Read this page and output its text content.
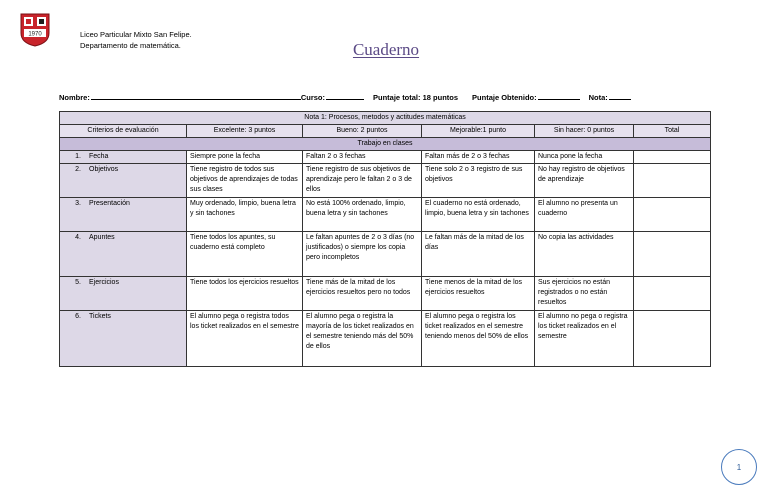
1970	Liceo Particular Mixto San Felipe.
Departamento de matemática.	Cuaderno
Nombre:	Curso:	Puntaje total: 18 puntos Puntaje Obtenido:	Nota:
Nota 1: Procesos, metodos y actitudes matemáticas					
Criterios de evaluación	Excelente: 3 puntos	Bueno: 2 puntos	Mejorable:1 punto	Sin hacer: 0 puntos	Total
Trabajo en clases					
1. Fecha	Siempre pone la fecha	Faltan 2 o 3 fechas	Faltan más de 2 o 3 fechas	Nunca pone la fecha	
2. Objetivos	Tiene registro de todos sus objetivos de aprendizajes de todas sus clases	Tiene registro de sus objetivos de aprendizaje pero le faltan 2 o 3 de ellos	Tiene solo 2 o 3 registro de sus objetivos	No hay registro de objetivos de aprendizaje	
3. Presentación	Muy ordenado, limpio, buena letra y sin tachones	No está 100% ordenado, limpio, buena letra y sin tachones	El cuaderno no está ordenado, limpio, buena letra y sin tachones	El alumno no presenta un cuaderno	
4. Apuntes	Tiene todos los apuntes, su cuaderno está completo	Le faltan apuntes de 2 o 3 días (no justificados) o siempre los copia pero incompletos	Le faltan más de la mitad de los días	No copia las actividades	
5. Ejercicios	Tiene todos los ejercicios resueltos	Tiene más de la mitad de los ejercicios resueltos pero no todos	Tiene menos de la mitad de los ejercicios resueltos	Sus ejercicios no están registrados o no están resueltos	
6. Tickets	El alumno pega o registra todos los ticket realizados en el semestre	El alumno pega o registra la mayoría de los ticket realizados en el semestre teniendo más del 50% de ellos	El alumno pega o registra los ticket realizados en el semestre teniendo menos del 50% de ellos	El alumno no pega o registra los ticket realizados en el semestre	
1
